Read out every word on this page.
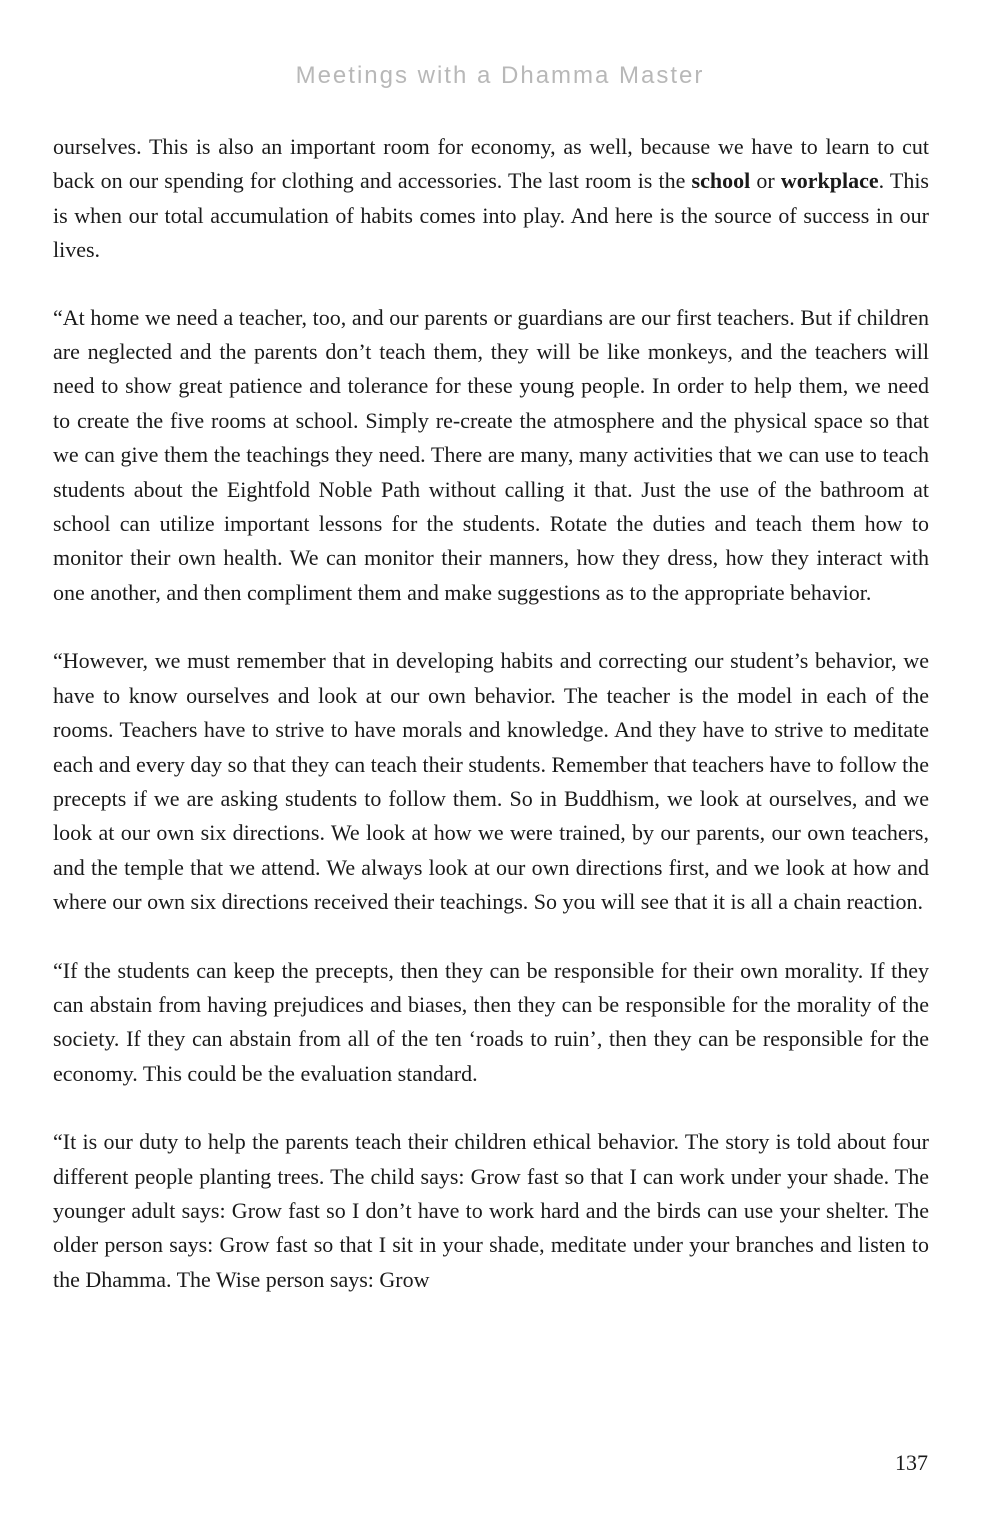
Meetings with a Dhamma Master

ourselves. This is also an important room for economy, as well, because we have to learn to cut back on our spending for clothing and accessories. The last room is the school or workplace. This is when our total accumulation of habits comes into play. And here is the source of success in our lives.

“At home we need a teacher, too, and our parents or guardians are our first teachers. But if children are neglected and the parents don’t teach them, they will be like monkeys, and the teachers will need to show great patience and tolerance for these young people. In order to help them, we need to create the five rooms at school. Simply re-create the atmosphere and the physical space so that we can give them the teachings they need. There are many, many activities that we can use to teach students about the Eightfold Noble Path without calling it that. Just the use of the bathroom at school can utilize important lessons for the students. Rotate the duties and teach them how to monitor their own health. We can monitor their manners, how they dress, how they interact with one another, and then compliment them and make suggestions as to the appropriate behavior.

“However, we must remember that in developing habits and correcting our student’s behavior, we have to know ourselves and look at our own behavior. The teacher is the model in each of the rooms. Teachers have to strive to have morals and knowledge. And they have to strive to meditate each and every day so that they can teach their students. Remember that teachers have to follow the precepts if we are asking students to follow them. So in Buddhism, we look at ourselves, and we look at our own six directions. We look at how we were trained, by our parents, our own teachers, and the temple that we attend. We always look at our own directions first, and we look at how and where our own six directions received their teachings. So you will see that it is all a chain reaction.

“If the students can keep the precepts, then they can be responsible for their own morality. If they can abstain from having prejudices and biases, then they can be responsible for the morality of the society. If they can abstain from all of the ten ‘roads to ruin’, then they can be responsible for the economy. This could be the evaluation standard.

“It is our duty to help the parents teach their children ethical behavior. The story is told about four different people planting trees. The child says: Grow fast so that I can work under your shade. The younger adult says: Grow fast so I don’t have to work hard and the birds can use your shelter. The older person says: Grow fast so that I sit in your shade, meditate under your branches and listen to the Dhamma. The Wise person says: Grow

137
